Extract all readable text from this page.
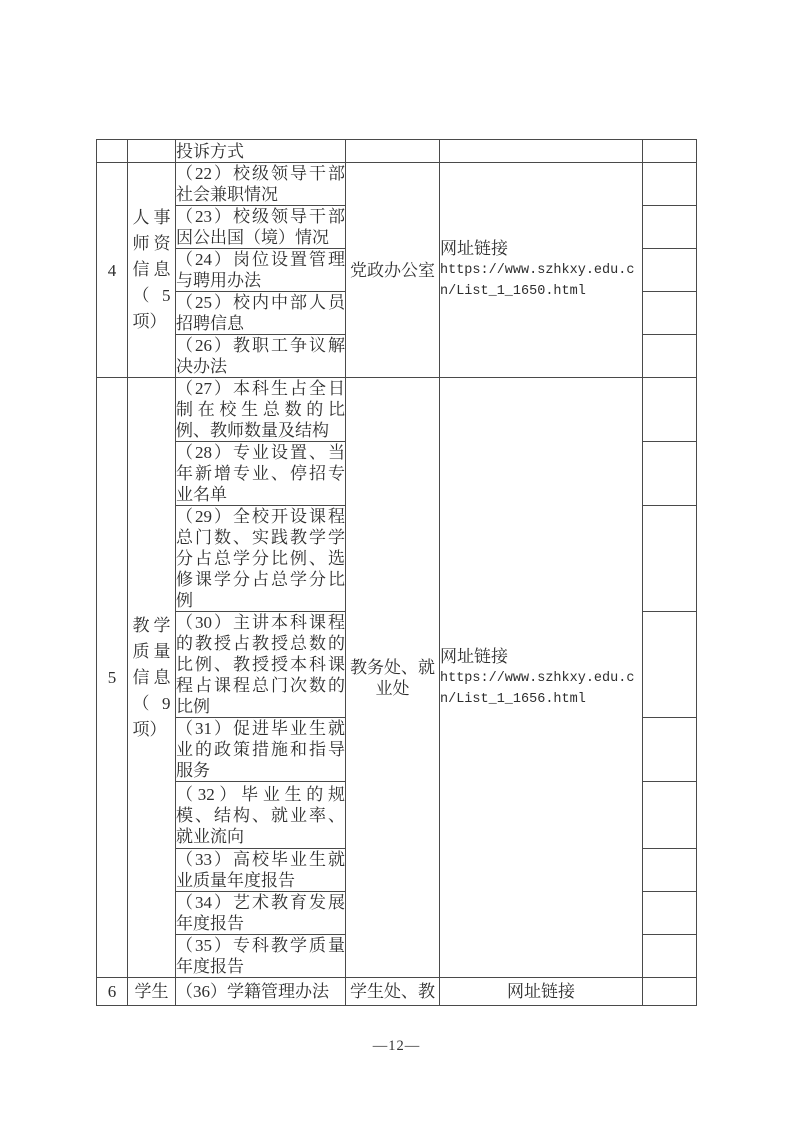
		投诉方式			
4	人事师资信息（5项）	（22）校级领导干部社会兼职情况	党政办公室	网址链接
https://www.szhkxy.edu.cn/List_1_1650.html	

		（23）校级领导干部因公出国（境）情况			
		（24）岗位设置管理与聘用办法			
		（25）校内中部人员招聘信息			
		（26）教职工争议解决办法			
5	教学质量信息（9项）	（27）本科生占全日制在校生总数的比例、教师数量及结构	教务处、就业处	网址链接
https://www.szhkxy.edu.cn/List_1_1656.html	

		（28）专业设置、当年新增专业、停招专业名单			
		（29）全校开设课程总门数、实践教学学分占总学分比例、选修课学分占总学分比例			
		（30）主讲本科课程的教授占教授总数的比例、教授授本科课程占课程总门次数的比例			
		（31）促进毕业生就业的政策措施和指导服务			
		（32）毕业生的规模、结构、就业率、就业流向			
		（33）高校毕业生就业质量年度报告			
		（34）艺术教育发展年度报告			
		（35）专科教学质量年度报告			
6	学生	（36）学籍管理办法	学生处、教	网址链接	
—12—
